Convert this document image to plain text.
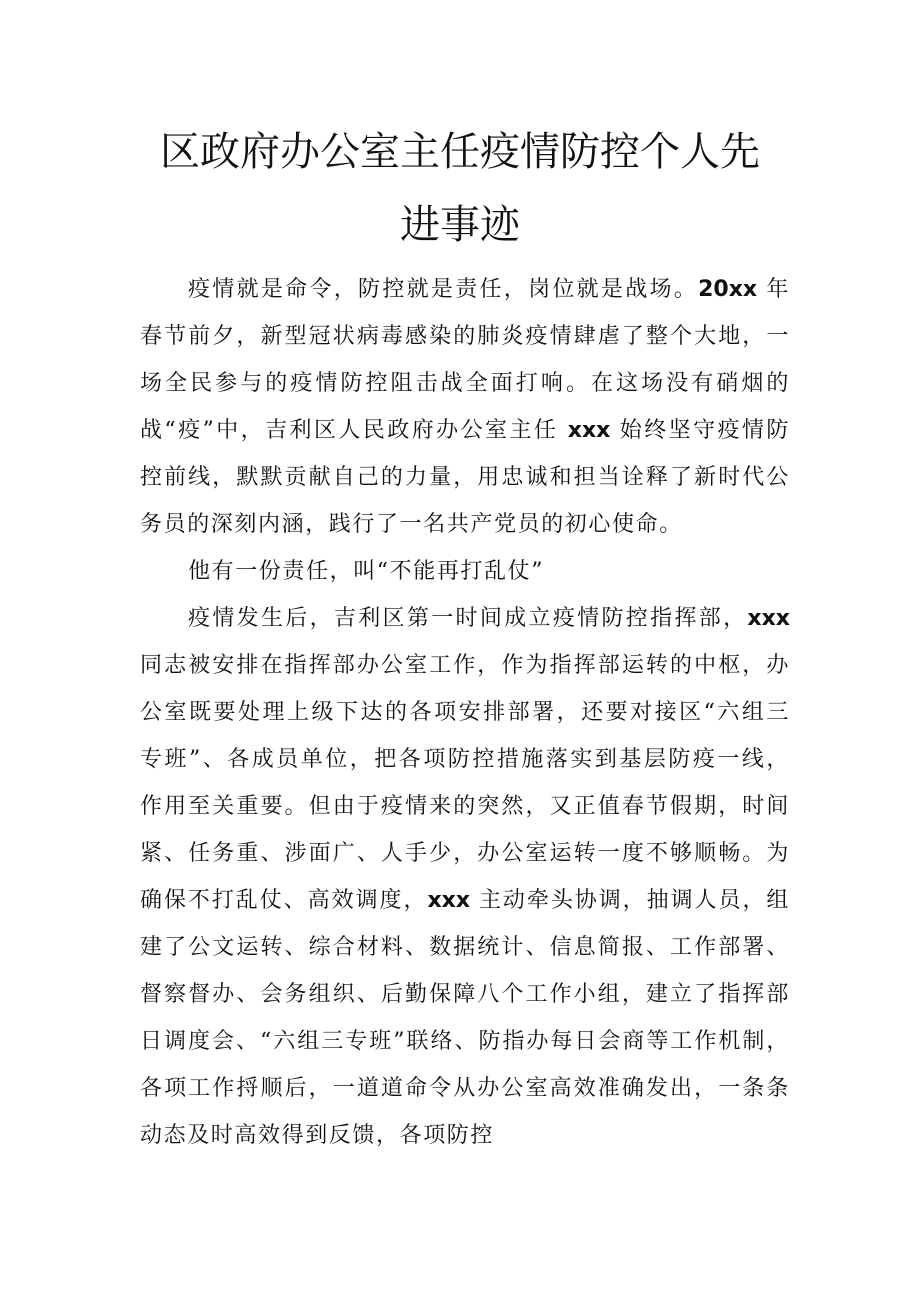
区政府办公室主任疫情防控个人先
进事迹

疫情就是命令，防控就是责任，岗位就是战场。20xx 年春节前夕，新型冠状病毒感染的肺炎疫情肆虐了整个大地，一场全民参与的疫情防控阻击战全面打响。在这场没有硝烟的战“疫”中，吉利区人民政府办公室主任 xxx 始终坚守疫情防控前线，默默贡献自己的力量，用忠诚和担当诠释了新时代公务员的深刻内涵，践行了一名共产党员的初心使命。

他有一份责任，叫“不能再打乱仗”

疫情发生后，吉利区第一时间成立疫情防控指挥部，xxx 同志被安排在指挥部办公室工作，作为指挥部运转的中枢，办公室既要处理上级下达的各项安排部署，还要对接区“六组三专班”、各成员单位，把各项防控措施落实到基层防疫一线，作用至关重要。但由于疫情来的突然，又正值春节假期，时间紧、任务重、涉面广、人手少，办公室运转一度不够顺畅。为确保不打乱仗、高效调度，xxx 主动牵头协调，抽调人员，组建了公文运转、综合材料、数据统计、信息简报、工作部署、督察督办、会务组织、后勤保障八个工作小组，建立了指挥部日调度会、“六组三专班”联络、防指办每日会商等工作机制，各项工作捋顺后，一道道命令从办公室高效准确发出，一条条动态及时高效得到反馈，各项防控
